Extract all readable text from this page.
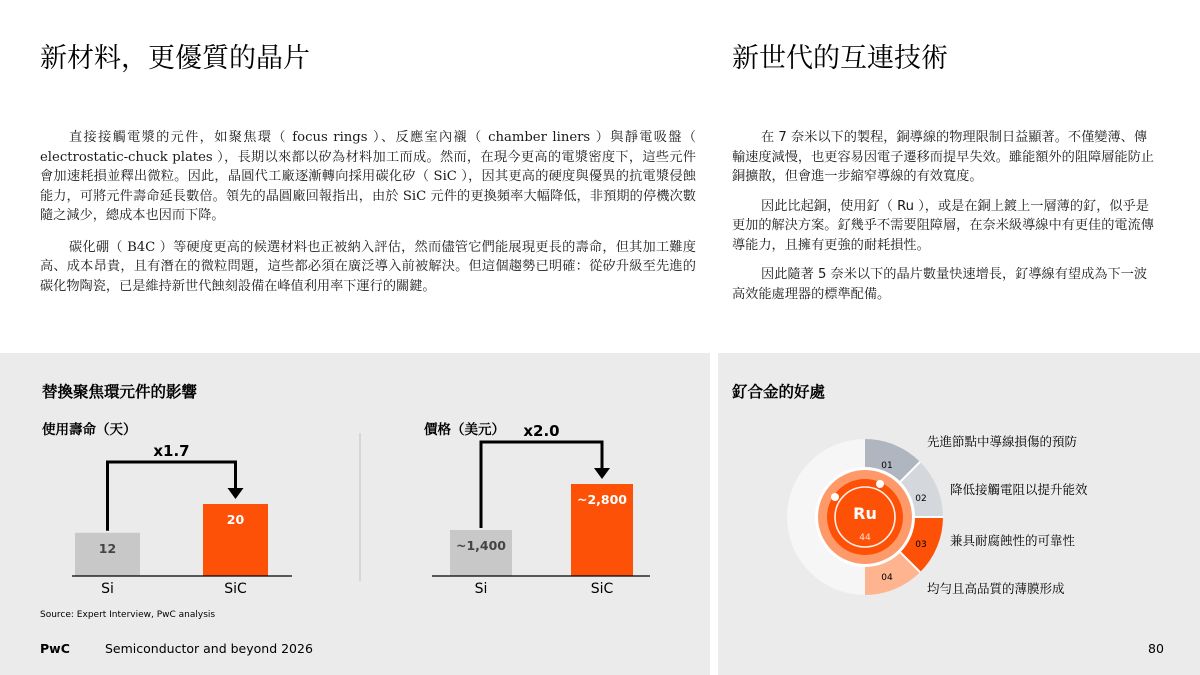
新材料，更優質的晶片	新世代的互連技術

直接接觸電漿的元件，如聚焦環（ focus rings ）、反應室內襯（ chamber liners ）與靜電吸盤（ electrostatic-chuck plates ），長期以來都以矽為材料加工而成。然而，在現今更高的電漿密度下，這些元件會加速耗損並釋出微粒。因此，晶圓代工廠逐漸轉向採用碳化矽（ SiC ），因其更高的硬度與優異的抗電漿侵蝕能力，可將元件壽命延長數倍。領先的晶圓廠回報指出，由於 SiC 元件的更換頻率大幅降低，非預期的停機次數隨之減少，總成本也因而下降。

碳化硼（ B4C ）等硬度更高的候選材料也正被納入評估，然而儘管它們能展現更長的壽命，但其加工難度高、成本昂貴，且有潛在的微粒問題，這些都必須在廣泛導入前被解決。但這個趨勢已明確：從矽升級至先進的碳化物陶瓷，已是維持新世代蝕刻設備在峰值利用率下運行的關鍵。

在 7 奈米以下的製程，銅導線的物理限制日益顯著。不僅變薄、傳輸速度減慢，也更容易因電子遷移而提早失效。雖能額外的阻障層能防止銅擴散，但會進一步縮窄導線的有效寬度。

因此比起銅，使用釕（ Ru ），或是在銅上鍍上一層薄的釕，似乎是更加的解決方案。釕幾乎不需要阻障層，在奈米級導線中有更佳的電流傳導能力，且擁有更強的耐耗損性。

因此隨著 5 奈米以下的晶片數量快速增長，釕導線有望成為下一波高效能處理器的標準配備。

替換聚焦環元件的影響
使用壽命（天）	價格（美元）
12
Si
20
SiC
x1.7
~1,400
Si
~2,800
SiC
x2.0
Source: Expert Interview, PwC analysis
PwC	Semiconductor and beyond 2026
釕合金的好處
01
02
03
04
Ru
44
先進節點中導線損傷的預防
降低接觸電阻以提升能效
兼具耐腐蝕性的可靠性
均勻且高品質的薄膜形成
80
